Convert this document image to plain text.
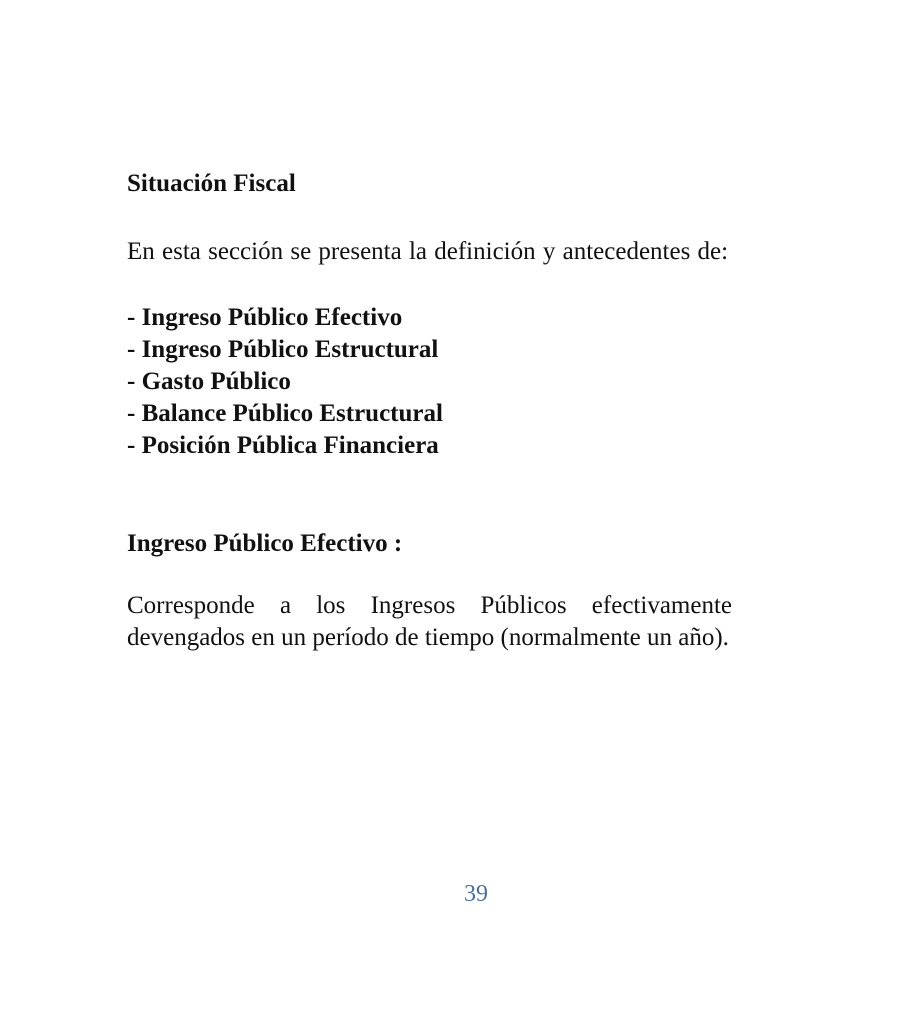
Situación Fiscal

En esta sección se presenta la definición y antecedentes de:

- Ingreso Público Efectivo
- Ingreso Público Estructural
- Gasto Público
- Balance Público Estructural
- Posición Pública Financiera
Ingreso Público Efectivo :

Corresponde a los Ingresos Públicos efectivamente devengados en un período de tiempo (normalmente un año).

39
